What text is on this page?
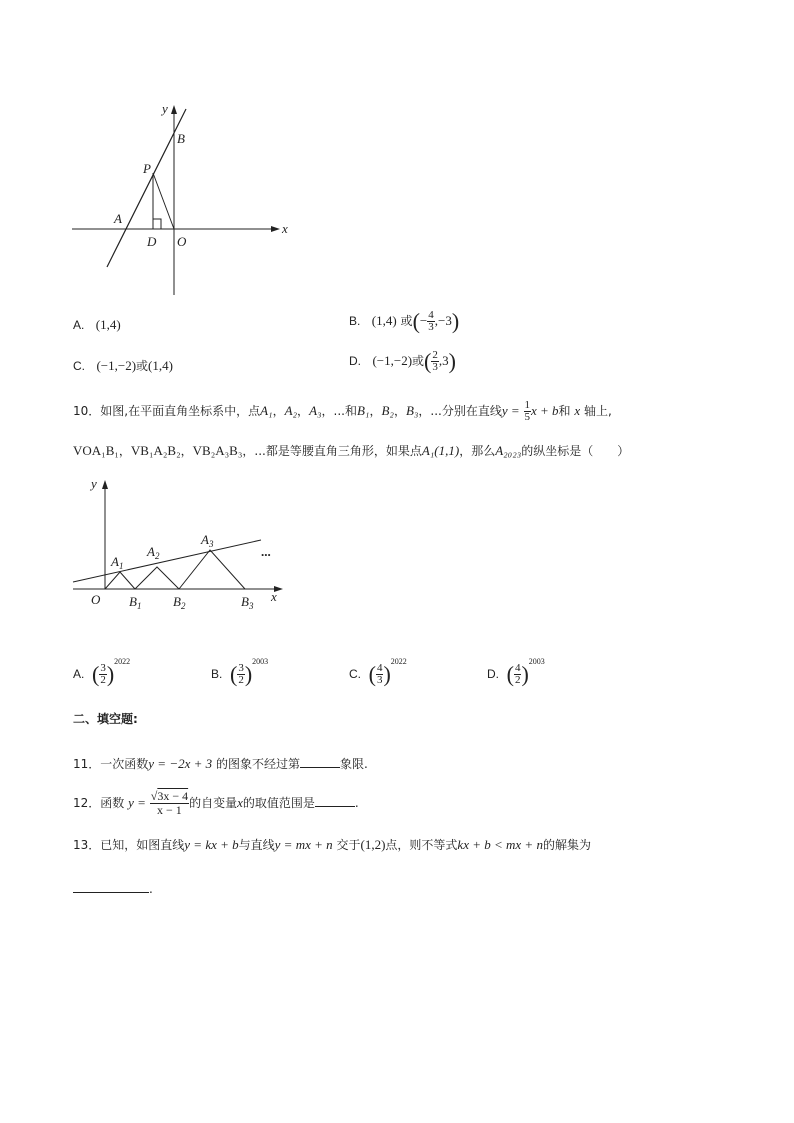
y
x
B
P
A
D O
A. (1,4)	B. (1,4) 或(− $\frac{4}{3} ,-3$)
C. (−1,−2)或(1,4)	D. (−1,−2)或( $\frac{2}{3} ,3$)
10．如图,在平面直角坐标系中，点A₁，A₂，A₃，...和B₁，B₂，B₃，...分别在直线$y = \frac{1}{5}$ x + b和 x 轴上,
VOA₁B₁，VB₁A₂B₂，VB₂A₃B₃，...都是等腰直角三角形，如果点A₁(1,1)，那么A₂₀₂₃的纵坐标是（　　）
y
x
O
$A_1$
$A_2$
$A_3$
$B_1$ $B_2$	$B_3$
...
A. ( $\frac{3}{2} )^{2022}$
B. ( $\frac{3}{2} )^{2003}$
C. ( $\frac{4}{3} )^{2022}$
D. ( $\frac{4}{2} )^{2003}$
二、填空题:
11．一次函数y = −2x + 3 的图象不经过第	象限.
12．函数 $y = \frac{√3x - 4}{x - 1}$ 的自变量x的取值范围是	.
13．已知，如图直线y = kx + b与直线y = mx + n 交于(1,2)点，则不等式kx + b < mx + n的解集为
.
